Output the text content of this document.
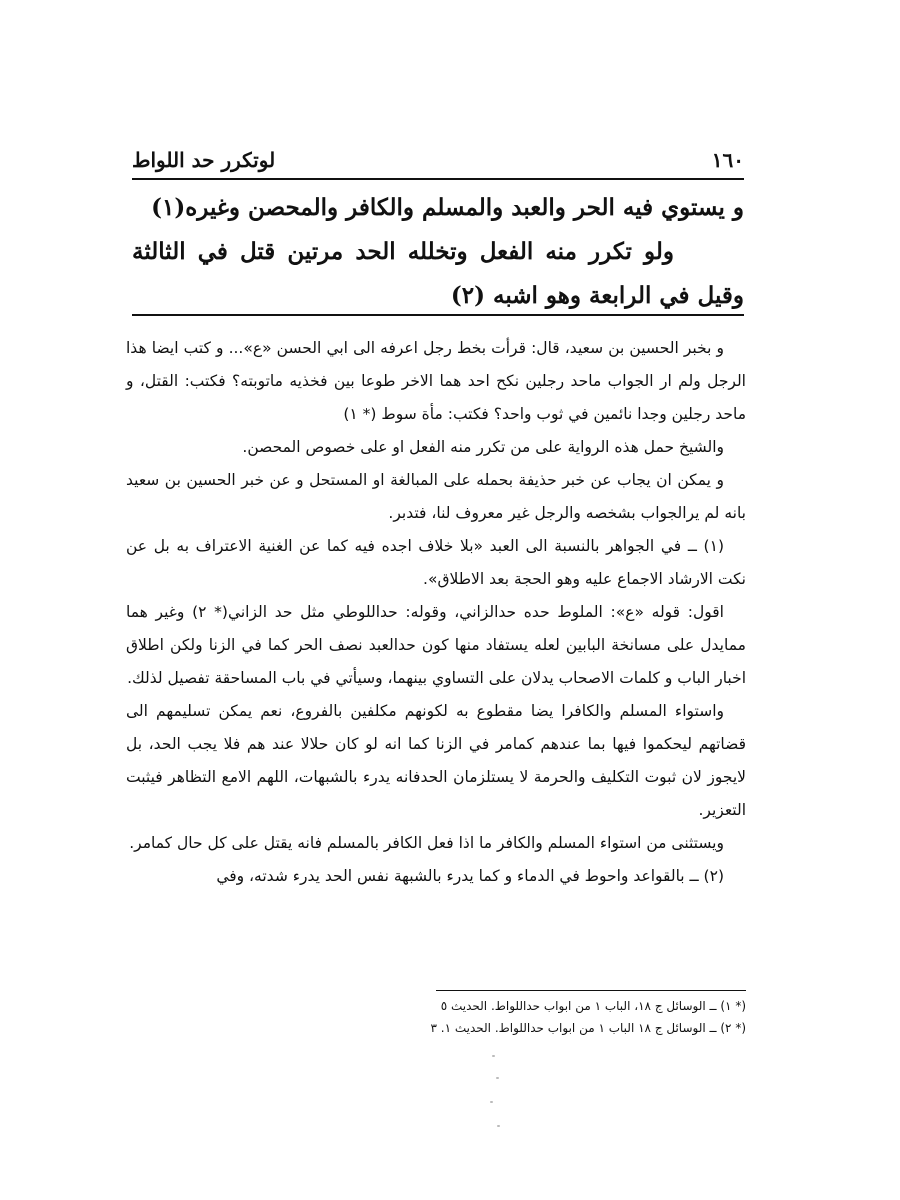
١٦٠
لوتكرر حد اللواط

و يستوي فيه الحر والعبد والمسلم والكافر والمحصن وغيره(١)

ولو تكرر منه الفعل وتخلله الحد مرتين قتل في الثالثة وقيل في الرابعة وهو اشبه (٢)

و بخبر الحسين بن سعيد، قال: قرأت بخط رجل اعرفه الى ابي الحسن «ع»... و كتب ايضا هذا الرجل ولم ار الجواب ماحد رجلين نكح احد هما الاخر طوعا بين فخذيه ماتوبته؟ فكتب: القتل، و ماحد رجلين وجدا نائمين في ثوب واحد؟ فكتب: مأة سوط (* ١)

والشيخ حمل هذه الرواية على من تكرر منه الفعل او على خصوص المحصن.

و يمكن ان يجاب عن خبر حذيفة بحمله على المبالغة او المستحل و عن خبر الحسين بن سعيد بانه لم يرالجواب بشخصه والرجل غير معروف لنا، فتدبر.

(١) ــ في الجواهر بالنسبة الى العبد «بلا خلاف اجده فيه كما عن الغنية الاعتراف به بل عن نكت الارشاد الاجماع عليه وهو الحجة بعد الاطلاق».

اقول: قوله «ع»: الملوط حده حدالزاني، وقوله: حداللوطي مثل حد الزاني(* ٢) وغير هما ممايدل على مسانخة البابين لعله يستفاد منها كون حدالعبد نصف الحر كما في الزنا ولكن اطلاق اخبار الباب و كلمات الاصحاب يدلان على التساوي بينهما، وسيأتي في باب المساحقة تفصيل لذلك.

واستواء المسلم والكافرا يضا مقطوع به لكونهم مكلفين بالفروع، نعم يمكن تسليمهم الى قضاتهم ليحكموا فيها بما عندهم كمامر في الزنا كما انه لو كان حلالا عند هم فلا يجب الحد، بل لايجوز لان ثبوت التكليف والحرمة لا يستلزمان الحدفانه يدرء بالشبهات، اللهم الامع التظاهر فيثبت التعزير.

ويستثنى من استواء المسلم والكافر ما اذا فعل الكافر بالمسلم فانه يقتل على كل حال كمامر.

(٢) ــ بالقواعد واحوط في الدماء و كما يدرء بالشبهة نفس الحد يدرء شدته، وفي

(* ١) ــ الوسائل ج ١٨، الباب ١ من ابواب حداللواط. الحديث ٥

(* ٢) ــ الوسائل ج ١٨ الباب ١ من ابواب حداللواط. الحديث ١. ٣
